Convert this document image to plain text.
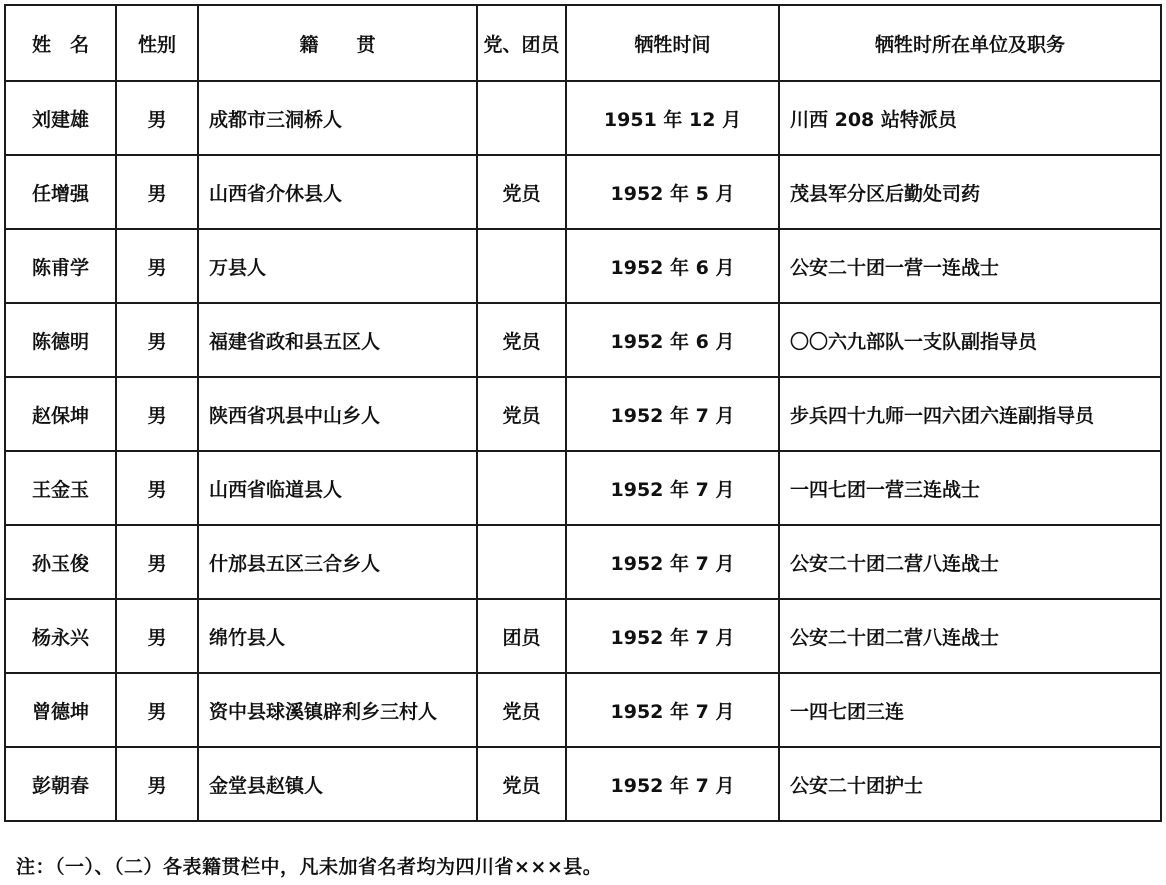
姓　名	性别	籍　　贯	党、团员	牺牲时间	牺牲时所在单位及职务
刘建雄	男	成都市三洞桥人		1951 年 12 月	川西 208 站特派员
任增强	男	山西省介休县人	党员	1952 年 5 月	茂县军分区后勤处司药
陈甫学	男	万县人		1952 年 6 月	公安二十团一营一连战士
陈德明	男	福建省政和县五区人	党员	1952 年 6 月	〇〇六九部队一支队副指导员
赵保坤	男	陕西省巩县中山乡人	党员	1952 年 7 月	步兵四十九师一四六团六连副指导员
王金玉	男	山西省临道县人		1952 年 7 月	一四七团一营三连战士
孙玉俊	男	什邡县五区三合乡人		1952 年 7 月	公安二十团二营八连战士
杨永兴	男	绵竹县人	团员	1952 年 7 月	公安二十团二营八连战士
曾德坤	男	资中县球溪镇辟利乡三村人	党员	1952 年 7 月	一四七团三连
彭朝春	男	金堂县赵镇人	党员	1952 年 7 月	公安二十团护士
注：（一）、（二）各表籍贯栏中，凡未加省名者均为四川省×××县。
